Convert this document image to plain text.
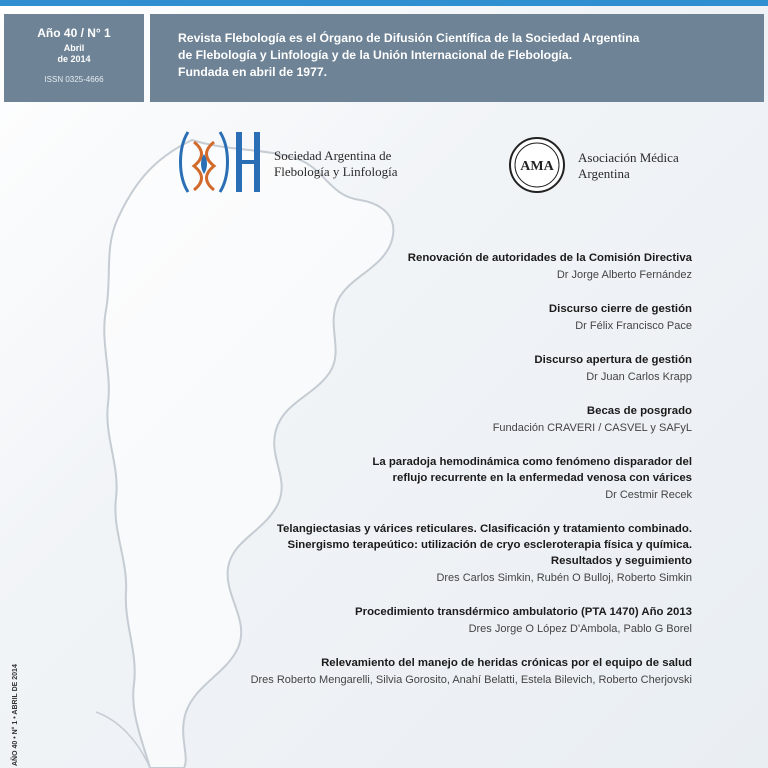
Año 40 / N° 1
Abril
de 2014
ISSN 0325-4666
Revista Flebología es el Órgano de Difusión Científica de la Sociedad Argentina
de Flebología y Linfología y de la Unión Internacional de Flebología.
Fundada en abril de 1977.
Sociedad Argentina de
Flebología y Linfología	AMA
Asociación Médica
Argentina
Renovación de autoridades de la Comisión Directiva
Dr Jorge Alberto Fernández
Discurso cierre de gestión
Dr Félix Francisco Pace
Discurso apertura de gestión
Dr Juan Carlos Krapp
Becas de posgrado
Fundación CRAVERI / CASVEL y SAFyL
La paradoja hemodinámica como fenómeno disparador del
reflujo recurrente en la enfermedad venosa con várices
Dr Cestmir Recek
Telangiectasias y várices reticulares. Clasificación y tratamiento combinado.
Sinergismo terapeútico: utilización de cryo escleroterapia física y química.
Resultados y seguimiento
Dres Carlos Simkin, Rubén O Bulloj, Roberto Simkin
Procedimiento transdérmico ambulatorio (PTA 1470) Año 2013
Dres Jorge O López D'Ambola, Pablo G Borel
Relevamiento del manejo de heridas crónicas por el equipo de salud
Dres Roberto Mengarelli, Silvia Gorosito, Anahí Belatti, Estela Bilevich, Roberto Cherjovski
AÑO 40 • N° 1 • ABRIL DE 2014
